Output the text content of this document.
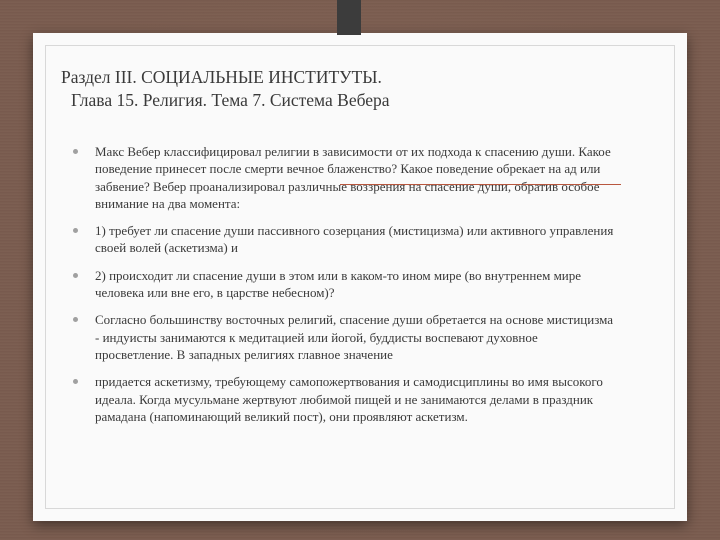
Раздел III. СОЦИАЛЬНЫЕ ИНСТИТУТЫ.
Глава 15. Религия. Тема 7. Система Вебера
Макс Вебер классифицировал религии в зависимости от их подхода к спасению души. Какое поведение принесет после смерти вечное блаженство? Какое поведение обрекает на ад или забвение? Вебер проанализировал различные воззрения на спасение души, обратив особое внимание на два момента:
1) требует ли спасение души пассивного созерцания (мистицизма) или активного управления своей волей (аскетизма) и
2) происходит ли спасение души в этом или в каком-то ином мире (во внутреннем мире человека или вне его, в царстве небесном)?
Согласно большинству восточных религий, спасение души обретается на основе мистицизма - индуисты занимаются к медитацией или йогой, буддисты воспевают духовное просветление. В западных религиях главное значение
придается аскетизму, требующему самопожертвования и самодисциплины во имя высокого идеала. Когда мусульмане жертвуют любимой пищей и не занимаются делами в праздник рамадана (напоминающий великий пост), они проявляют аскетизм.
